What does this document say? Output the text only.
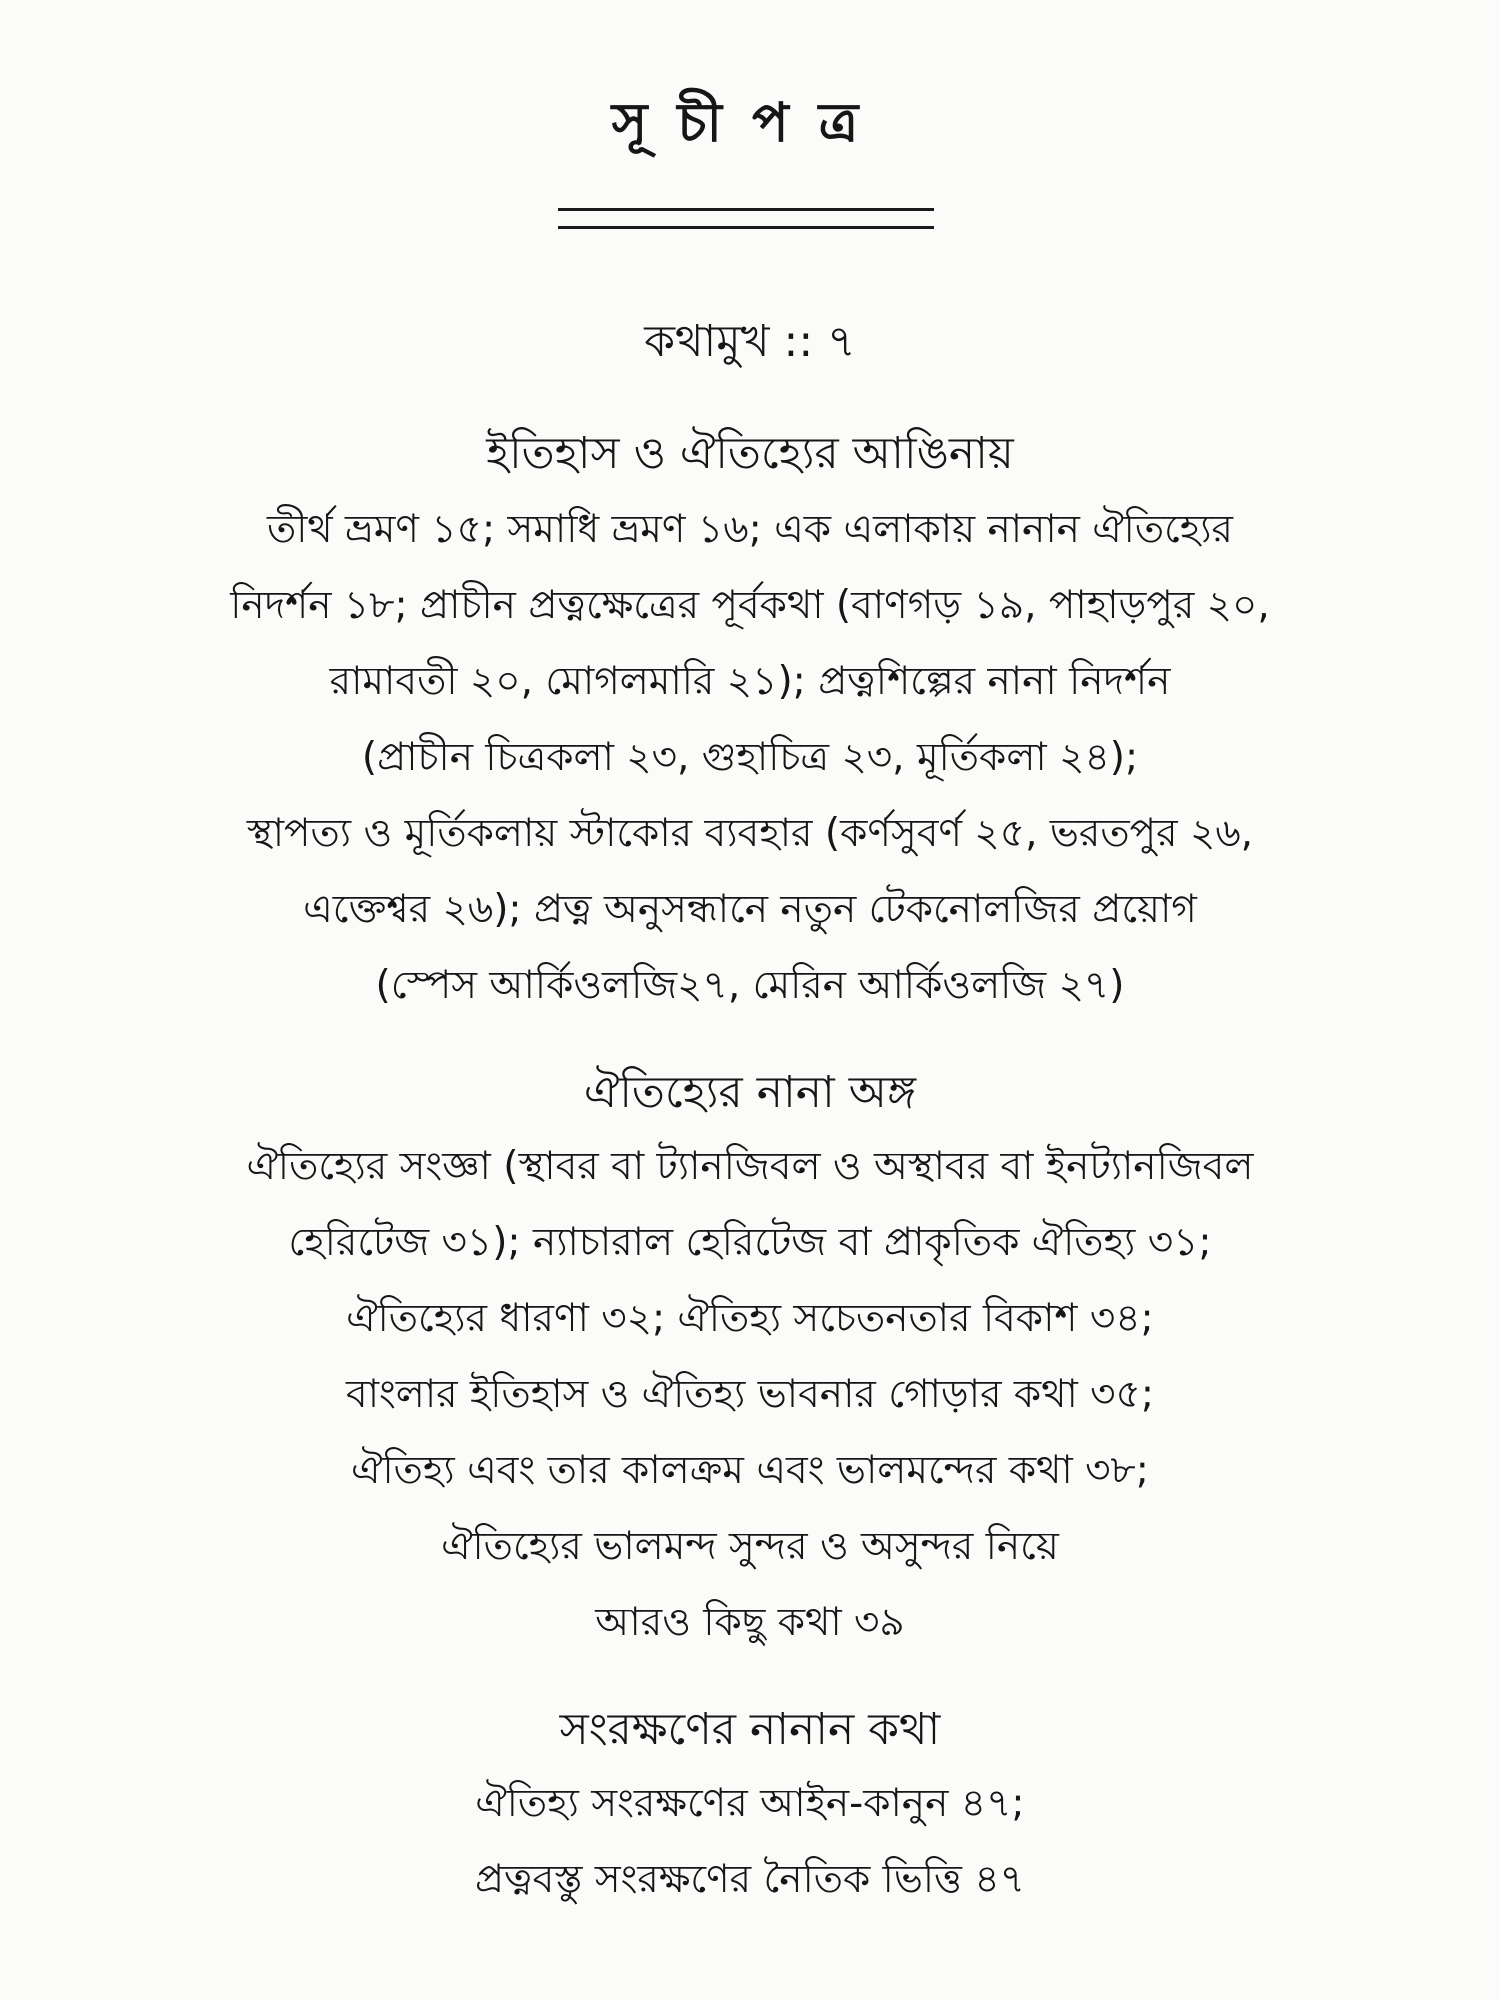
সূচীপত্র
কথামুখ :: ৭
ইতিহাস ও ঐতিহ্যের আঙিনায়
তীর্থ ভ্রমণ ১৫; সমাধি ভ্রমণ ১৬; এক এলাকায় নানান ঐতিহ্যের
নিদর্শন ১৮; প্রাচীন প্রত্নক্ষেত্রের পূর্বকথা (বাণগড় ১৯, পাহাড়পুর ২০,
রামাবতী ২০, মোগলমারি ২১); প্রত্নশিল্পের নানা নিদর্শন
(প্রাচীন চিত্রকলা ২৩, গুহাচিত্র ২৩, মূর্তিকলা ২৪);
স্থাপত্য ও মূর্তিকলায় স্টাকোর ব্যবহার (কর্ণসুবর্ণ ২৫, ভরতপুর ২৬,
এক্তেশ্বর ২৬); প্রত্ন অনুসন্ধানে নতুন টেকনোলজির প্রয়োগ
(স্পেস আর্কিওলজি২৭, মেরিন আর্কিওলজি ২৭)
ঐতিহ্যের নানা অঙ্গ
ঐতিহ্যের সংজ্ঞা (স্থাবর বা ট্যানজিবল ও অস্থাবর বা ইনট্যানজিবল
হেরিটেজ ৩১); ন্যাচারাল হেরিটেজ বা প্রাকৃতিক ঐতিহ্য ৩১;
ঐতিহ্যের ধারণা ৩২; ঐতিহ্য সচেতনতার বিকাশ ৩৪;
বাংলার ইতিহাস ও ঐতিহ্য ভাবনার গোড়ার কথা ৩৫;
ঐতিহ্য এবং তার কালক্রম এবং ভালমন্দের কথা ৩৮;
ঐতিহ্যের ভালমন্দ সুন্দর ও অসুন্দর নিয়ে
আরও কিছু কথা ৩৯
সংরক্ষণের নানান কথা
ঐতিহ্য সংরক্ষণের আইন-কানুন ৪৭;
প্রত্নবস্তু সংরক্ষণের নৈতিক ভিত্তি ৪৭
